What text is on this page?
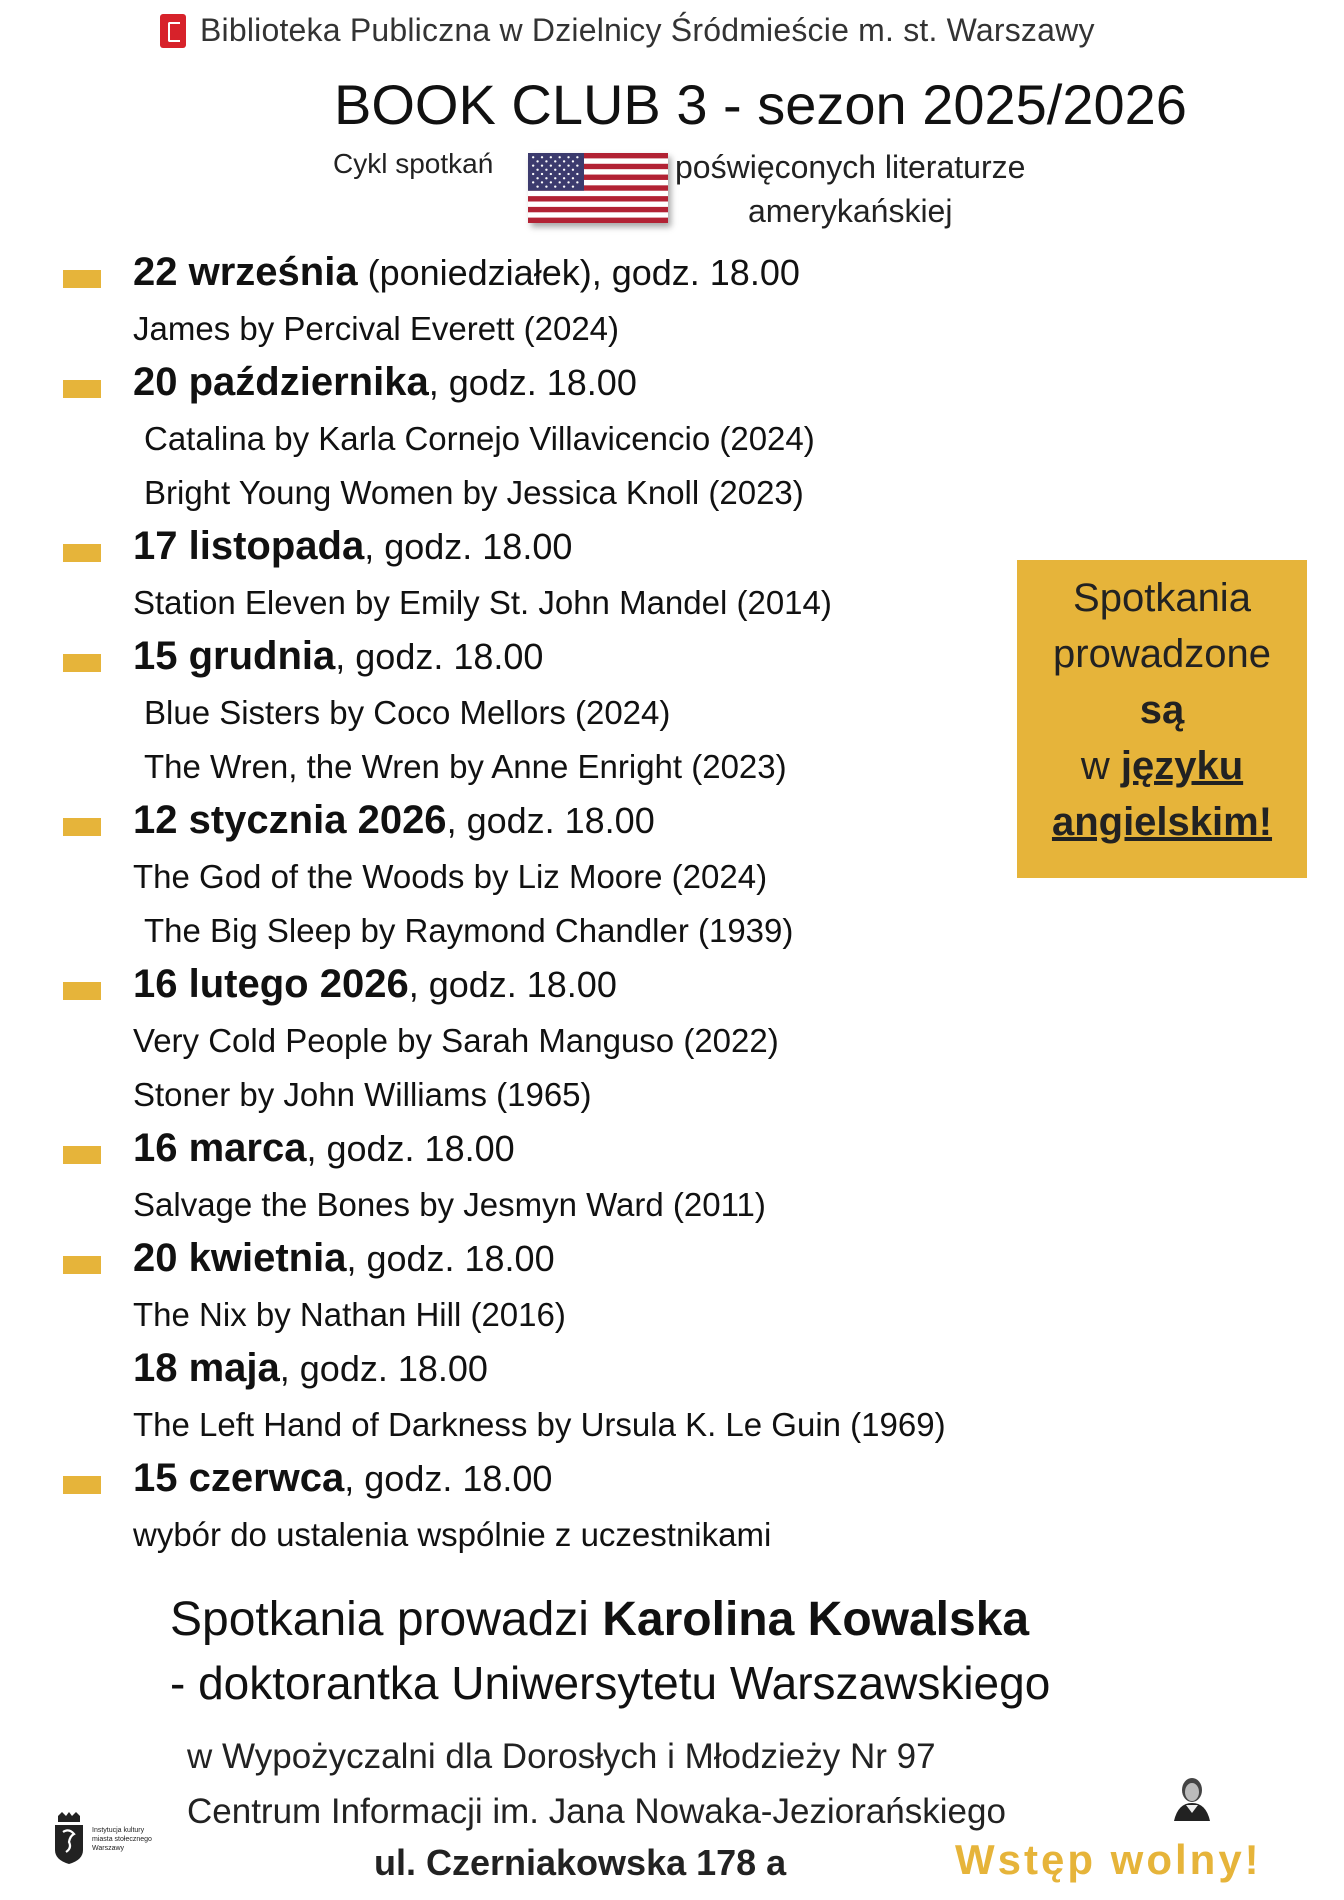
Biblioteka Publiczna w Dzielnicy Śródmieście m. st. Warszawy
BOOK CLUB 3 - sezon 2025/2026
Cykl spotkań	poświęconych literaturze
amerykańskiej
22 września (poniedziałek), godz. 18.00
James by Percival Everett (2024)
20 października, godz. 18.00
Catalina by Karla Cornejo Villavicencio (2024)
Bright Young Women by Jessica Knoll (2023)
17 listopada, godz. 18.00
Station Eleven by Emily St. John Mandel (2014)
15 grudnia, godz. 18.00
Blue Sisters by Coco Mellors (2024)
The Wren, the Wren by Anne Enright (2023)
12 stycznia 2026, godz. 18.00
The God of the Woods by Liz Moore (2024)
The Big Sleep by Raymond Chandler (1939)
16 lutego 2026, godz. 18.00
Very Cold People by Sarah Manguso (2022)
Stoner by John Williams (1965)
16 marca, godz. 18.00
Salvage the Bones by Jesmyn Ward (2011)
20 kwietnia, godz. 18.00
The Nix by Nathan Hill (2016)
18 maja, godz. 18.00
The Left Hand of Darkness by Ursula K. Le Guin (1969)
15 czerwca, godz. 18.00
wybór do ustalenia wspólnie z uczestnikami
Spotkania
prowadzone
są
w języku
angielskim!
Spotkania prowadzi Karolina Kowalska
- doktorantka Uniwersytetu Warszawskiego
w Wypożyczalni dla Dorosłych i Młodzieży Nr 97
Centrum Informacji im. Jana Nowaka-Jeziorańskiego
ul. Czerniakowska 178 a	Wstęp wolny!
Instytucja kultury miasta stołecznego Warszawy
